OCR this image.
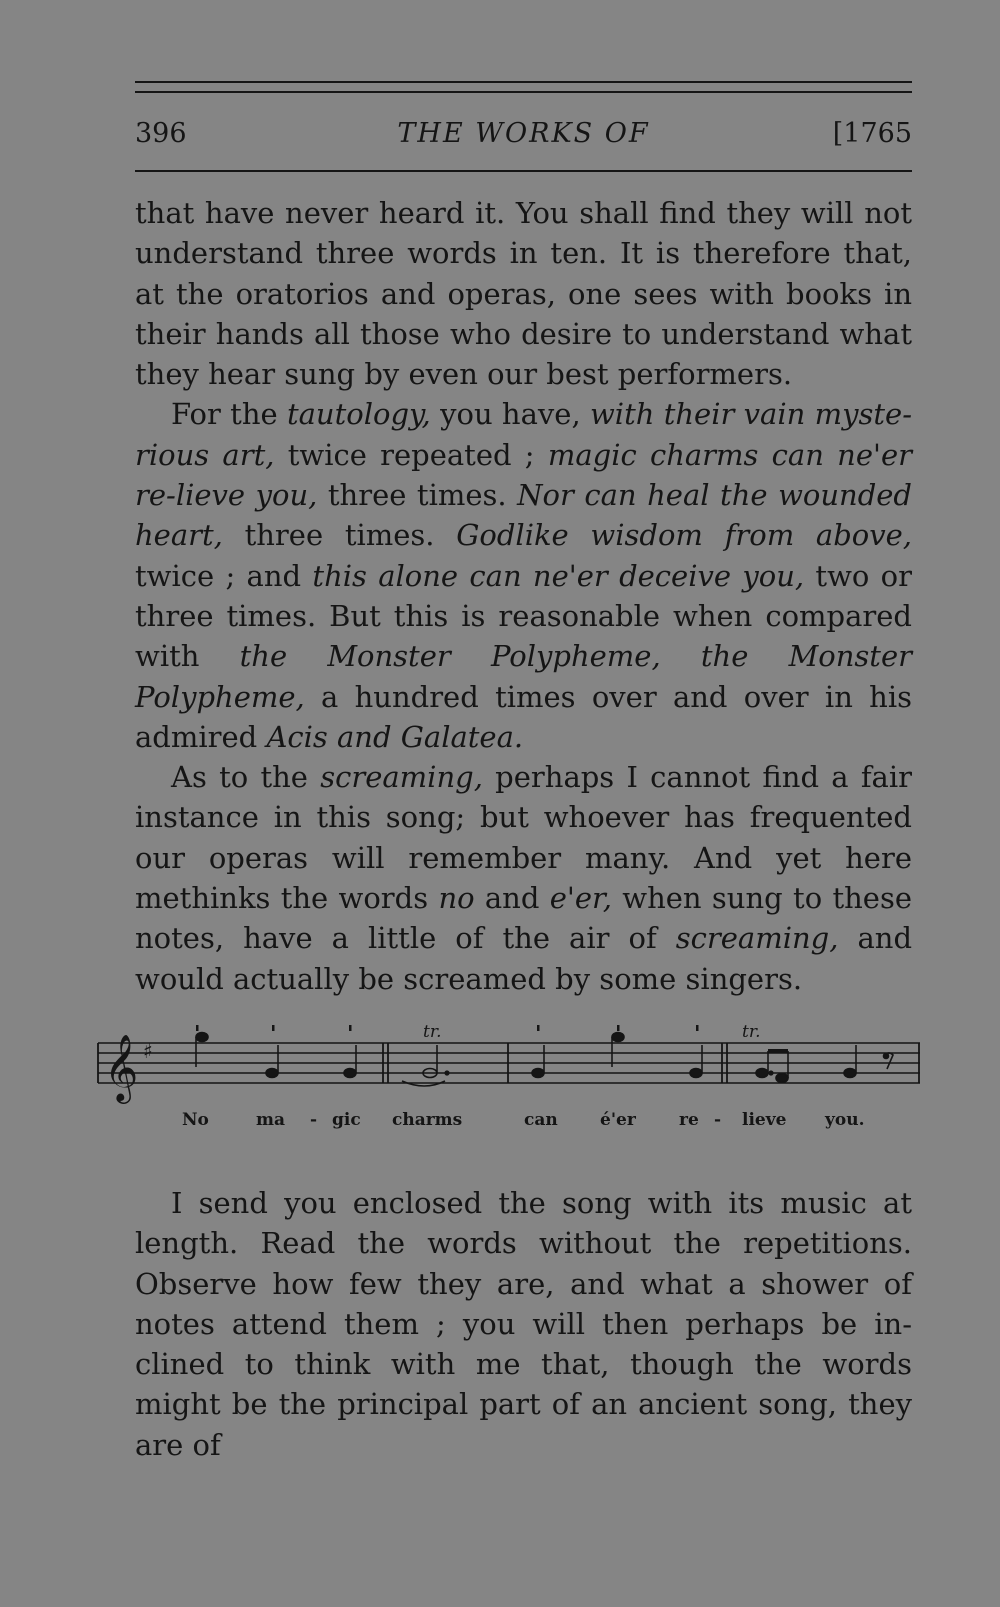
396	THE WORKS OF	[1765

that have never heard it. You shall find they will not understand three words in ten. It is therefore that, at the oratorios and operas, one sees with books in their hands all those who desire to understand what they hear sung by even our best performers.

For the tautology, you have, with their vain myste-rious art, twice repeated ; magic charms can ne'er re-lieve you, three times. Nor can heal the wounded heart, three times. Godlike wisdom from above, twice ; and this alone can ne'er deceive you, two or three times. But this is reasonable when compared with the Monster Polypheme, the Monster Polypheme, a hundred times over and over in his admired Acis and Galatea.

As to the screaming, perhaps I cannot find a fair instance in this song; but whoever has frequented our operas will remember many. And yet here methinks the words no and e'er, when sung to these notes, have a little of the air of screaming, and would actually be screamed by some singers.

𝄞 ♯
tr.	tr.
No	ma - gic charms	can é'er	re - lieve you.

I send you enclosed the song with its music at length. Read the words without the repetitions. Observe how few they are, and what a shower of notes attend them ; you will then perhaps be in-clined to think with me that, though the words might be the principal part of an ancient song, they are of
